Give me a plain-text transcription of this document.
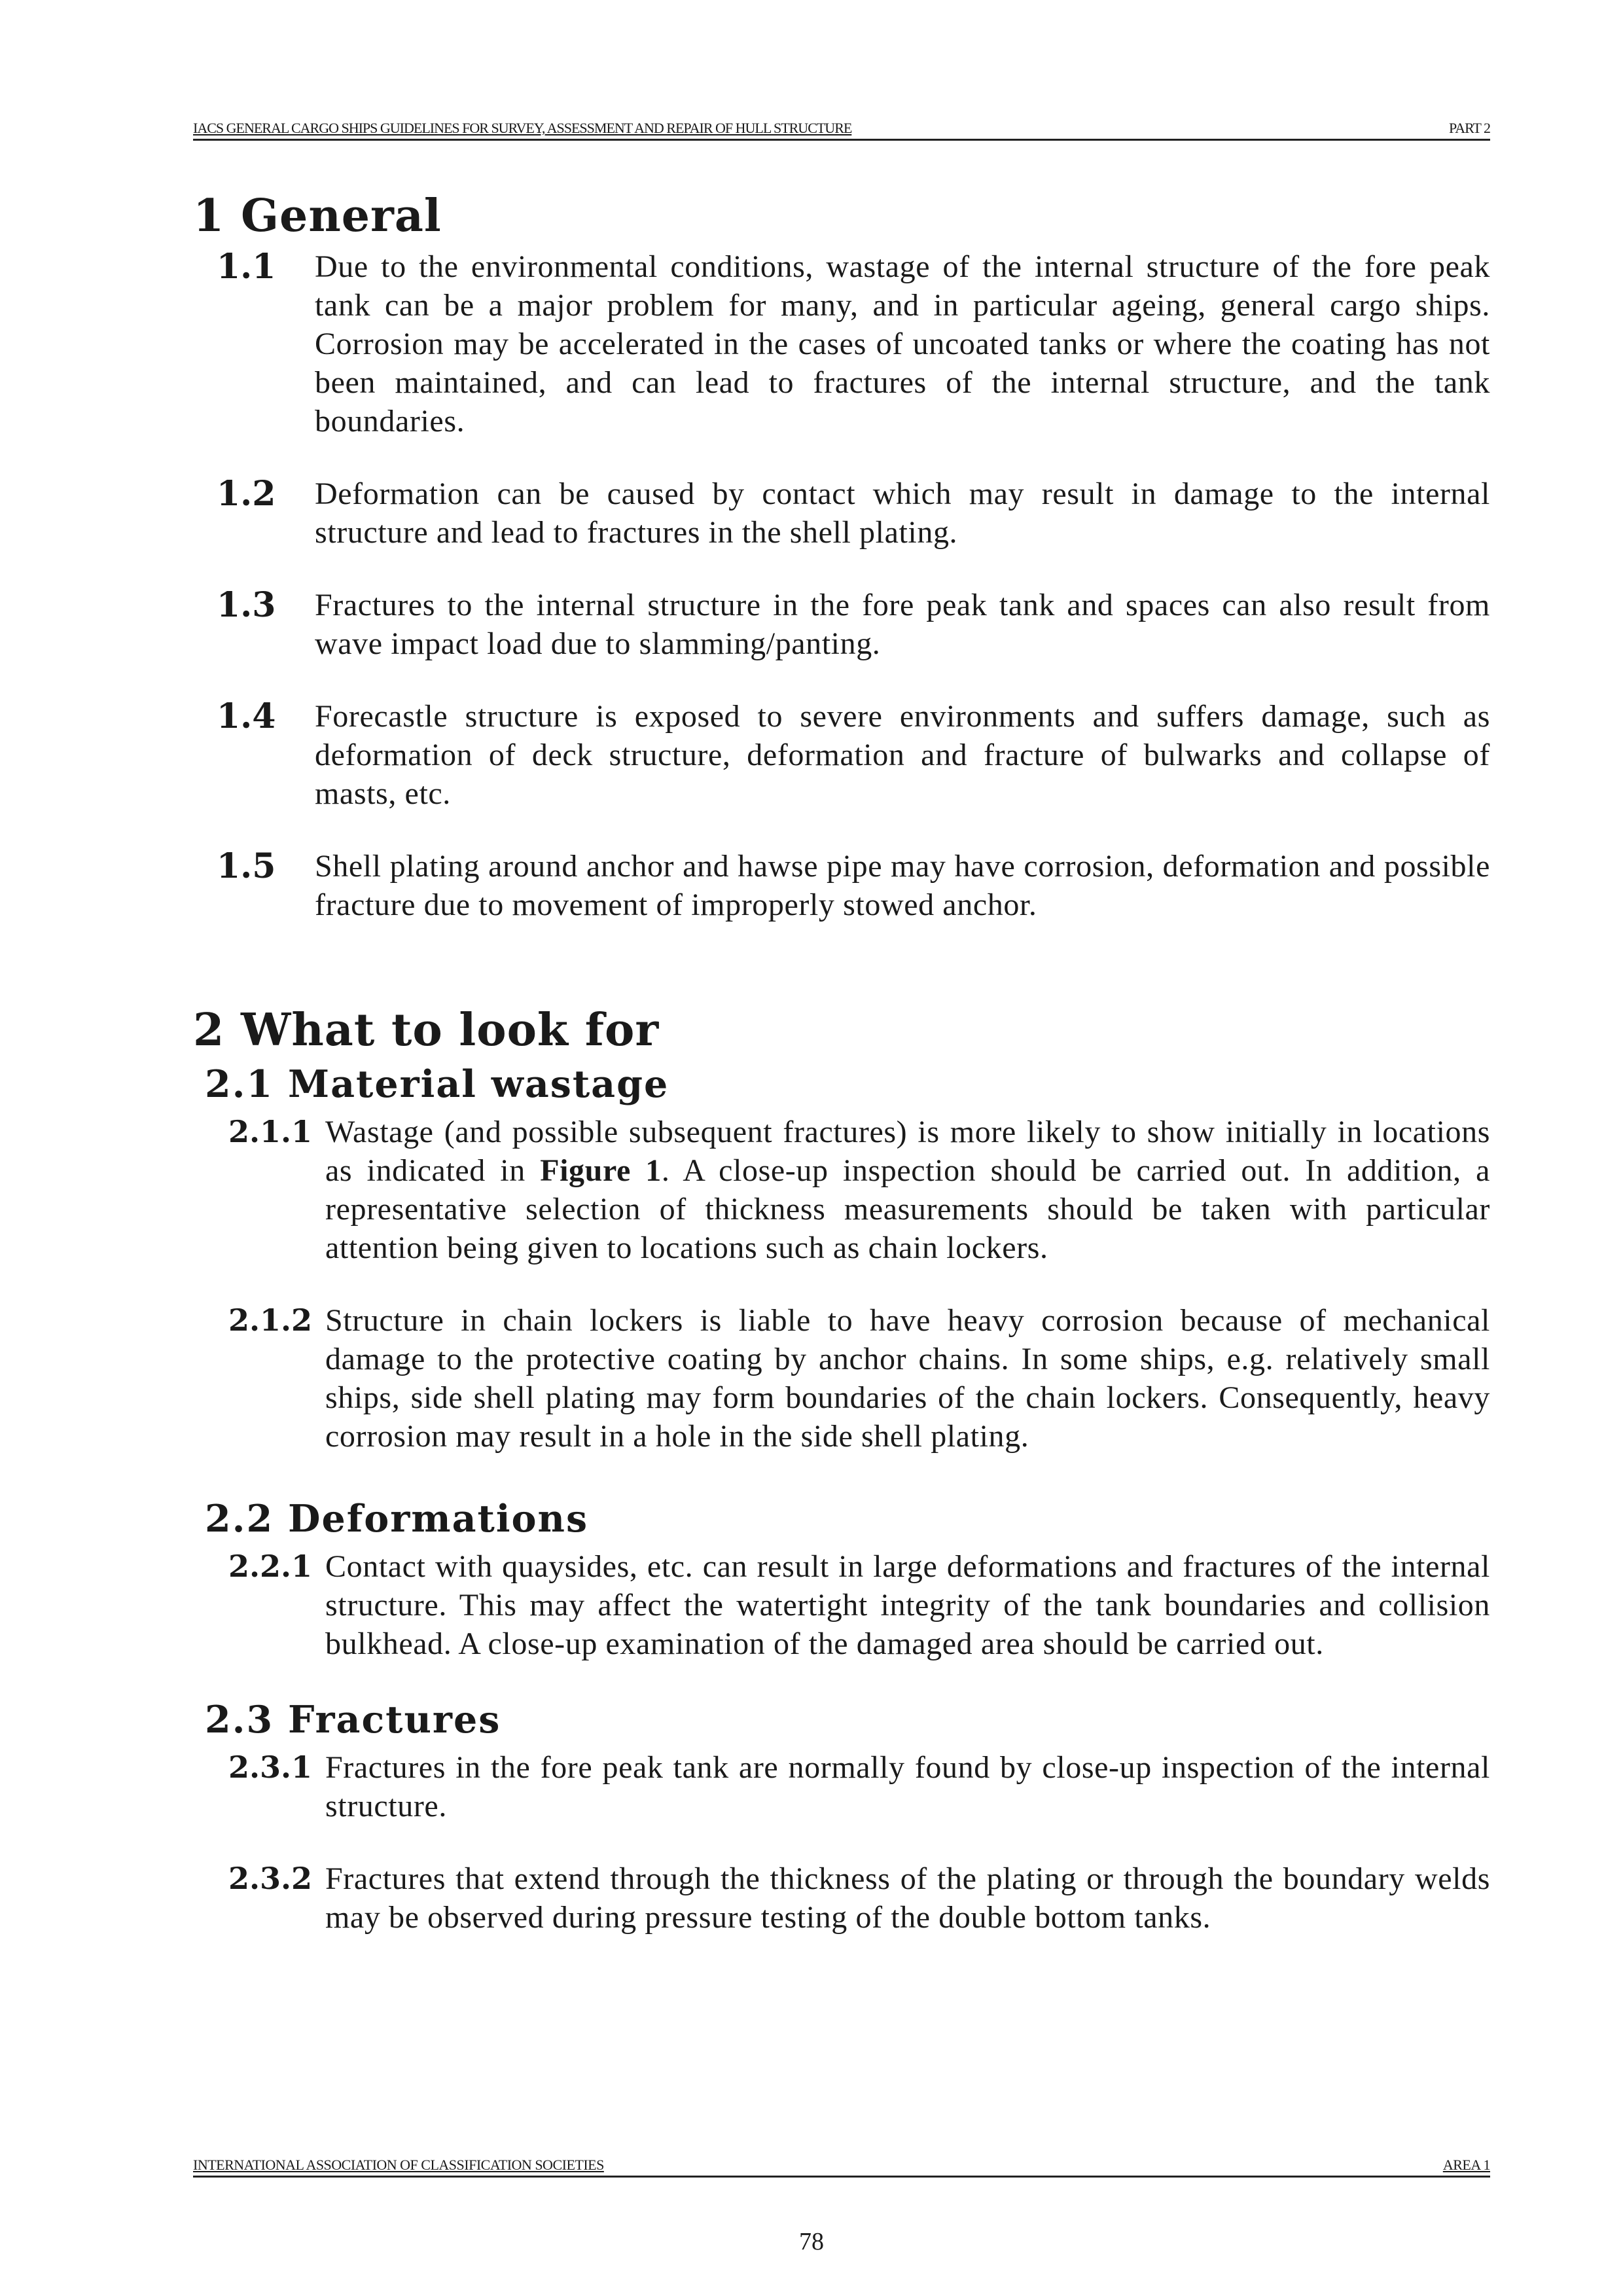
IACS GENERAL CARGO SHIPS GUIDELINES FOR SURVEY, ASSESSMENT AND REPAIR OF HULL STRUCTURE	PART 2
1 General
1.1	Due to the environmental conditions, wastage of the internal structure of the fore peak tank can be a major problem for many, and in particular ageing, general cargo ships. Corrosion may be accelerated in the cases of uncoated tanks or where the coating has not been maintained, and can lead to fractures of the internal structure, and the tank boundaries.
1.2	Deformation can be caused by contact which may result in damage to the internal structure and lead to fractures in the shell plating.
1.3	Fractures to the internal structure in the fore peak tank and spaces can also result from wave impact load due to slamming/panting.
1.4	Forecastle structure is exposed to severe environments and suffers damage, such as deformation of deck structure, deformation and fracture of bulwarks and collapse of masts, etc.
1.5	Shell plating around anchor and hawse pipe may have corrosion, deformation and possible fracture due to movement of improperly stowed anchor.
2 What to look for
2.1 Material wastage
2.1.1 Wastage (and possible subsequent fractures) is more likely to show initially in locations as indicated in Figure 1. A close-up inspection should be carried out. In addition, a representative selection of thickness measurements should be taken with particular attention being given to locations such as chain lockers.
2.1.2 Structure in chain lockers is liable to have heavy corrosion because of mechanical damage to the protective coating by anchor chains. In some ships, e.g. relatively small ships, side shell plating may form boundaries of the chain lockers. Consequently, heavy corrosion may result in a hole in the side shell plating.
2.2 Deformations
2.2.1 Contact with quaysides, etc. can result in large deformations and fractures of the internal structure. This may affect the watertight integrity of the tank boundaries and collision bulkhead. A close-up examination of the damaged area should be carried out.
2.3 Fractures
2.3.1 Fractures in the fore peak tank are normally found by close-up inspection of the internal structure.
2.3.2 Fractures that extend through the thickness of the plating or through the boundary welds may be observed during pressure testing of the double bottom tanks.
INTERNATIONAL ASSOCIATION OF CLASSIFICATION SOCIETIES	AREA 1
78
